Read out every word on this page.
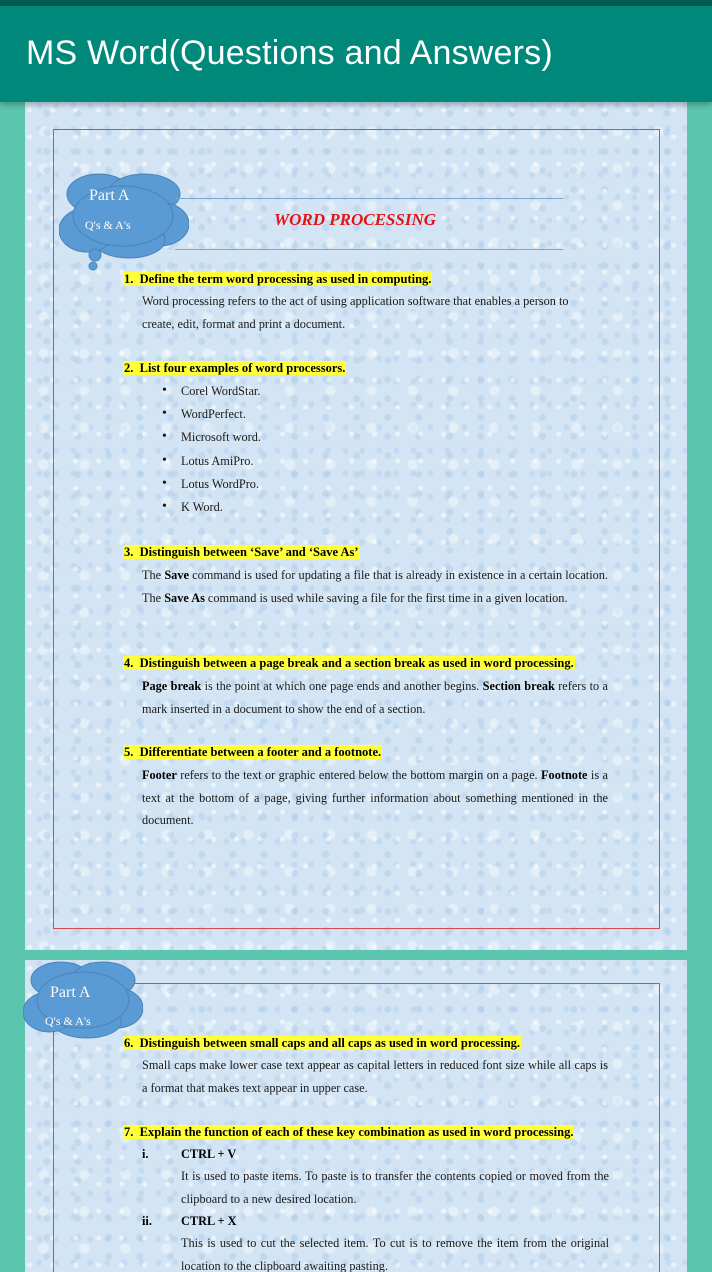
MS Word(Questions and Answers)
Part A
Q's & A's	WORD PROCESSING
1. Define the term word processing as used in computing.
Word processing refers to the act of using application software that enables a person to
create, edit, format and print a document.
2. List four examples of word processors.
• Corel WordStar.
• WordPerfect.
• Microsoft word.
• Lotus AmiPro.
• Lotus WordPro.
• K Word.
3. Distinguish between ‘Save’ and ‘Save As’
The Save command is used for updating a file that is already in existence in a certain location. The Save As command is used while saving a file for the first time in a given location.
4. Distinguish between a page break and a section break as used in word processing.
Page break is the point at which one page ends and another begins. Section break refers to a mark inserted in a document to show the end of a section.
5. Differentiate between a footer and a footnote.
Footer refers to the text or graphic entered below the bottom margin on a page. Footnote is a text at the bottom of a page, giving further information about something mentioned in the document.
Part A
Q's & A's
6. Distinguish between small caps and all caps as used in word processing.
Small caps make lower case text appear as capital letters in reduced font size while all caps is a format that makes text appear in upper case.
7. Explain the function of each of these key combination as used in word processing.
i.	CTRL + V
It is used to paste items. To paste is to transfer the contents copied or moved from the clipboard to a new desired location.
ii. CTRL + X
This is used to cut the selected item. To cut is to remove the item from the original location to the clipboard awaiting pasting.
